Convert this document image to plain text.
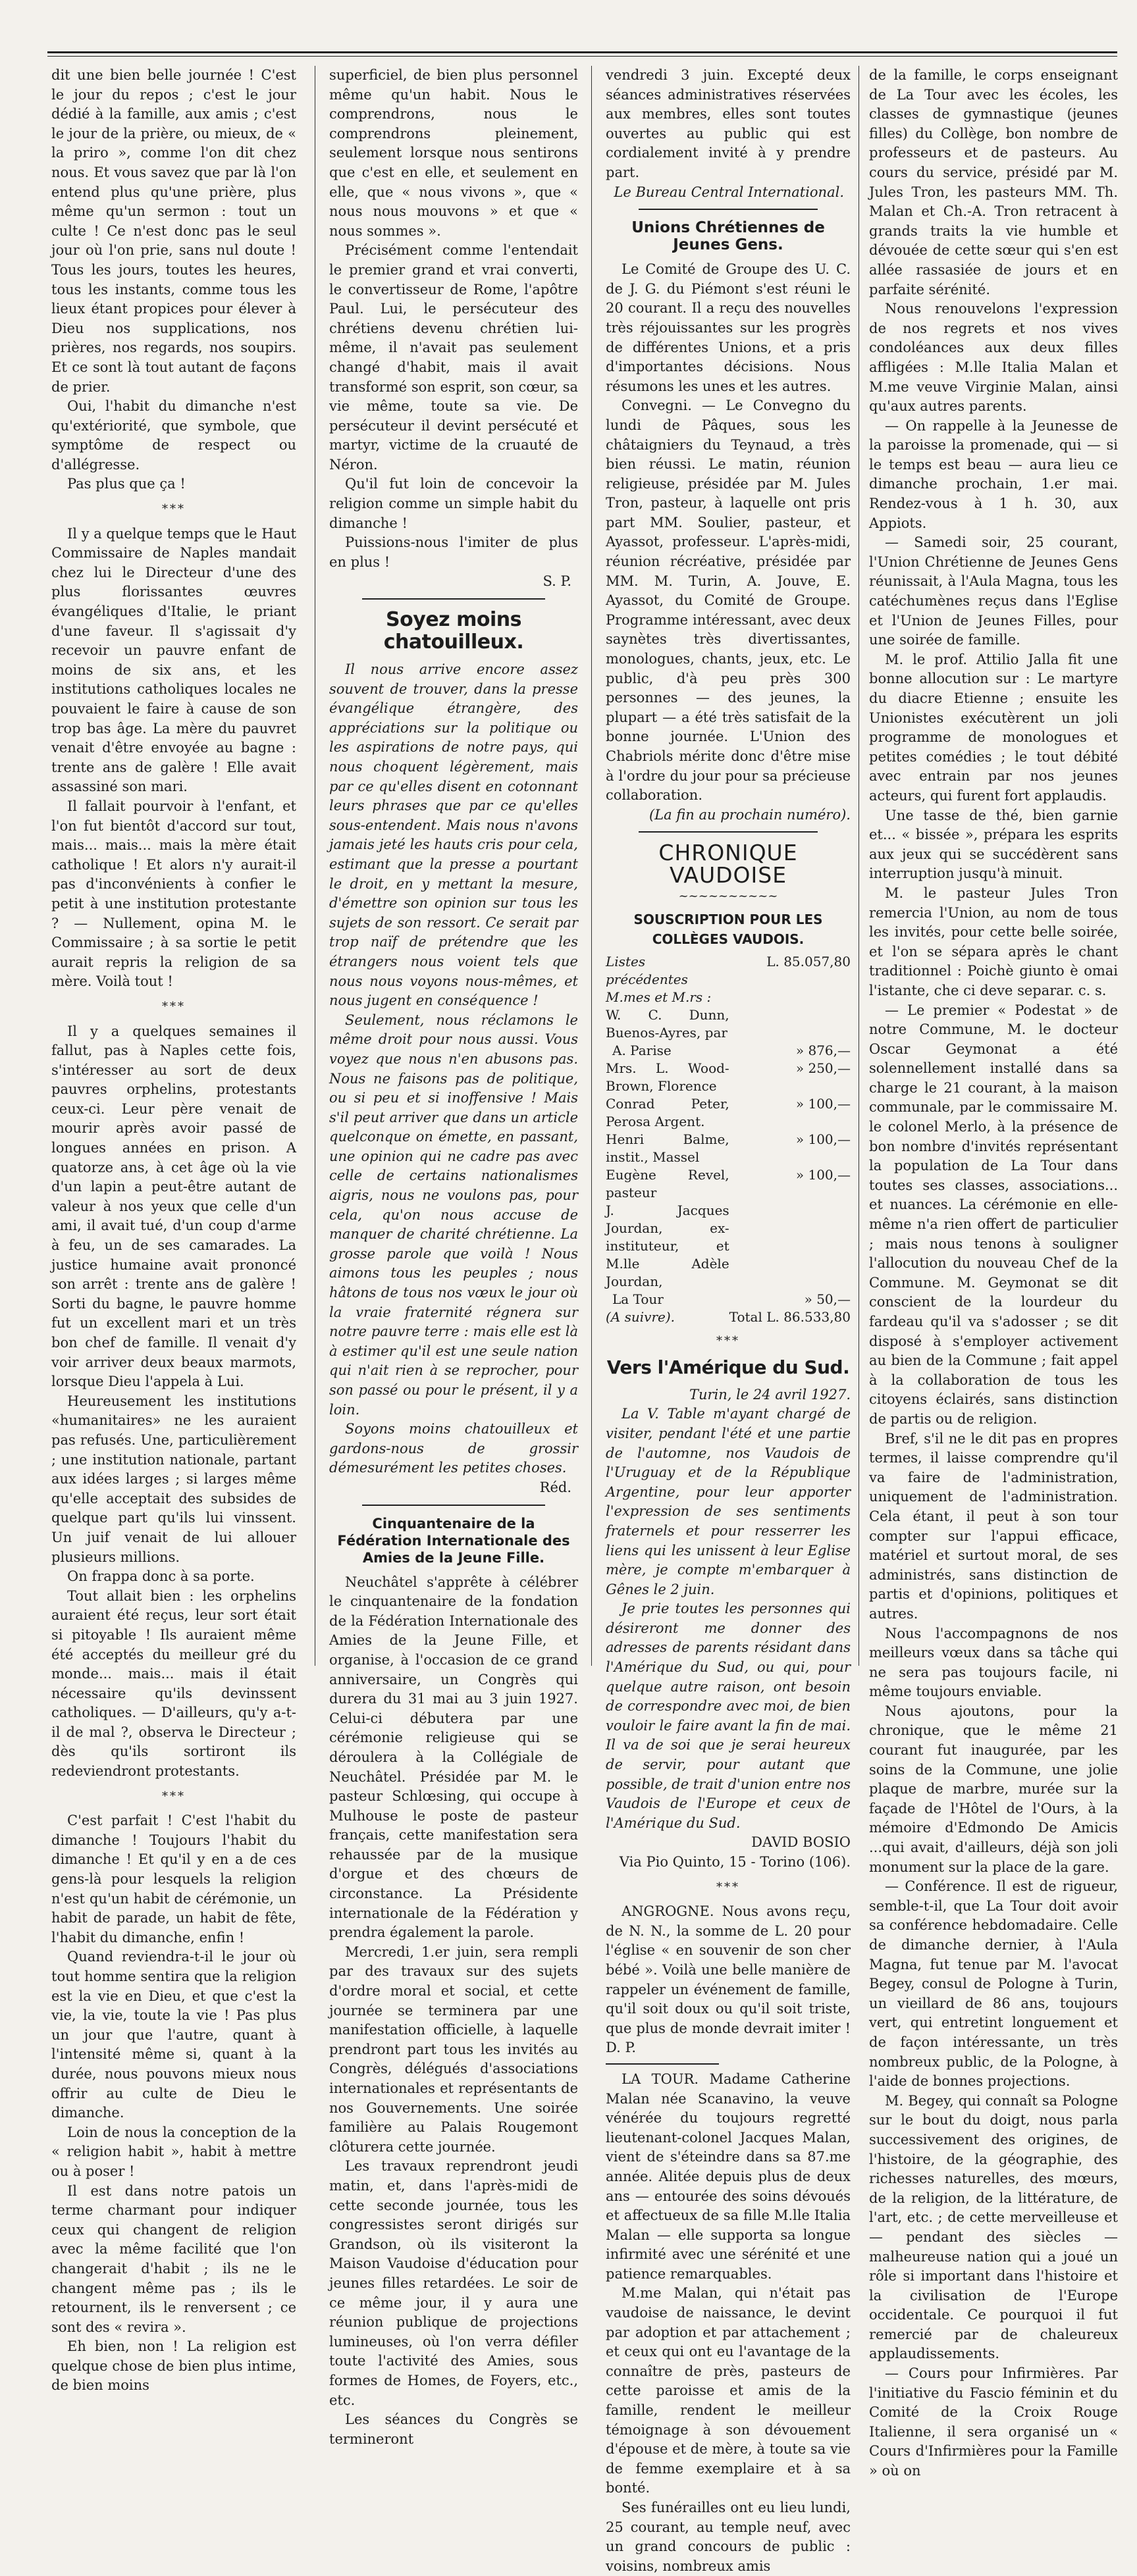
dit une bien belle journée ! C'est le jour du repos ; c'est le jour dédié à la famille, aux amis ; c'est le jour de la prière, ou mieux, de « la priro », comme l'on dit chez nous. Et vous savez que par là l'on entend plus qu'une prière, plus même qu'un sermon : tout un culte ! Ce n'est donc pas le seul jour où l'on prie, sans nul doute ! Tous les jours, toutes les heures, tous les instants, comme tous les lieux étant propices pour élever à Dieu nos supplications, nos prières, nos regards, nos soupirs. Et ce sont là tout autant de façons de prier.

Oui, l'habit du dimanche n'est qu'extériorité, que symbole, que symptôme de respect ou d'allégresse.

Pas plus que ça !

***

Il y a quelque temps que le Haut Commissaire de Naples mandait chez lui le Directeur d'une des plus florissantes œuvres évangéliques d'Italie, le priant d'une faveur. Il s'agissait d'y recevoir un pauvre enfant de moins de six ans, et les institutions catholiques locales ne pouvaient le faire à cause de son trop bas âge. La mère du pauvret venait d'être envoyée au bagne : trente ans de galère ! Elle avait assassiné son mari.

Il fallait pourvoir à l'enfant, et l'on fut bientôt d'accord sur tout, mais... mais... mais la mère était catholique ! Et alors n'y aurait-il pas d'inconvénients à confier le petit à une institution protestante ? — Nullement, opina M. le Commissaire ; à sa sortie le petit aurait repris la religion de sa mère. Voilà tout !

***

Il y a quelques semaines il fallut, pas à Naples cette fois, s'intéresser au sort de deux pauvres orphelins, protestants ceux-ci. Leur père venait de mourir après avoir passé de longues années en prison. A quatorze ans, à cet âge où la vie d'un lapin a peut-être autant de valeur à nos yeux que celle d'un ami, il avait tué, d'un coup d'arme à feu, un de ses camarades. La justice humaine avait prononcé son arrêt : trente ans de galère ! Sorti du bagne, le pauvre homme fut un excellent mari et un très bon chef de famille. Il venait d'y voir arriver deux beaux marmots, lorsque Dieu l'appela à Lui.

Heureusement les institutions «humanitaires» ne les auraient pas refusés. Une, particulièrement ; une institution nationale, partant aux idées larges ; si larges même qu'elle acceptait des subsides de quelque part qu'ils lui vinssent. Un juif venait de lui allouer plusieurs millions.

On frappa donc à sa porte.

Tout allait bien : les orphelins auraient été reçus, leur sort était si pitoyable ! Ils auraient même été acceptés du meilleur gré du monde... mais... mais il était nécessaire qu'ils devinssent catholiques. — D'ailleurs, qu'y a-t-il de mal ?, observa le Directeur ; dès qu'ils sortiront ils redeviendront protestants.

***

C'est parfait ! C'est l'habit du dimanche ! Toujours l'habit du dimanche ! Et qu'il y en a de ces gens-là pour lesquels la religion n'est qu'un habit de cérémonie, un habit de parade, un habit de fête, l'habit du dimanche, enfin !

Quand reviendra-t-il le jour où tout homme sentira que la religion est la vie en Dieu, et que c'est la vie, la vie, toute la vie ! Pas plus un jour que l'autre, quant à l'intensité même si, quant à la durée, nous pouvons mieux nous offrir au culte de Dieu le dimanche.

Loin de nous la conception de la « religion habit », habit à mettre ou à poser !

Il est dans notre patois un terme charmant pour indiquer ceux qui changent de religion avec la même facilité que l'on changerait d'habit ; ils ne le changent même pas ; ils le retournent, ils le renversent ; ce sont des « revira ».

Eh bien, non ! La religion est quelque chose de bien plus intime, de bien moins

superficiel, de bien plus personnel même qu'un habit. Nous le comprendrons, nous le comprendrons pleinement, seulement lorsque nous sentirons que c'est en elle, et seulement en elle, que « nous vivons », que « nous nous mouvons » et que « nous sommes ».

Précisément comme l'entendait le premier grand et vrai converti, le convertisseur de Rome, l'apôtre Paul. Lui, le persécuteur des chrétiens devenu chrétien lui-même, il n'avait pas seulement changé d'habit, mais il avait transformé son esprit, son cœur, sa vie même, toute sa vie. De persécuteur il devint persécuté et martyr, victime de la cruauté de Néron.

Qu'il fut loin de concevoir la religion comme un simple habit du dimanche !

Puissions-nous l'imiter de plus en plus !

S. P.
Soyez moins chatouilleux.

Il nous arrive encore assez souvent de trouver, dans la presse évangélique étrangère, des appréciations sur la politique ou les aspirations de notre pays, qui nous choquent légèrement, mais par ce qu'elles disent en cotonnant leurs phrases que par ce qu'elles sous-entendent. Mais nous n'avons jamais jeté les hauts cris pour cela, estimant que la presse a pourtant le droit, en y mettant la mesure, d'émettre son opinion sur tous les sujets de son ressort. Ce serait par trop naïf de prétendre que les étrangers nous voient tels que nous nous voyons nous-mêmes, et nous jugent en conséquence !

Seulement, nous réclamons le même droit pour nous aussi. Vous voyez que nous n'en abusons pas. Nous ne faisons pas de politique, ou si peu et si inoffensive ! Mais s'il peut arriver que dans un article quelconque on émette, en passant, une opinion qui ne cadre pas avec celle de certains nationalismes aigris, nous ne voulons pas, pour cela, qu'on nous accuse de manquer de charité chrétienne. La grosse parole que voilà ! Nous aimons tous les peuples ; nous hâtons de tous nos vœux le jour où la vraie fraternité régnera sur notre pauvre terre : mais elle est là à estimer qu'il est une seule nation qui n'ait rien à se reprocher, pour son passé ou pour le présent, il y a loin.

Soyons moins chatouilleux et gardons-nous de grossir démesurément les petites choses.

Réd.
Cinquantenaire de la Fédération Internationale des Amies de la Jeune Fille.

Neuchâtel s'apprête à célébrer le cinquantenaire de la fondation de la Fédération Internationale des Amies de la Jeune Fille, et organise, à l'occasion de ce grand anniversaire, un Congrès qui durera du 31 mai au 3 juin 1927. Celui-ci débutera par une cérémonie religieuse qui se déroulera à la Collégiale de Neuchâtel. Présidée par M. le pasteur Schlœsing, qui occupe à Mulhouse le poste de pasteur français, cette manifestation sera rehaussée par de la musique d'orgue et des chœurs de circonstance. La Présidente internationale de la Fédération y prendra également la parole.

Mercredi, 1.er juin, sera rempli par des travaux sur des sujets d'ordre moral et social, et cette journée se terminera par une manifestation officielle, à laquelle prendront part tous les invités au Congrès, délégués d'associations internationales et représentants de nos Gouvernements. Une soirée familière au Palais Rougemont clôturera cette journée.

Les travaux reprendront jeudi matin, et, dans l'après-midi de cette seconde journée, tous les congressistes seront dirigés sur Grandson, où ils visiteront la Maison Vaudoise d'éducation pour jeunes filles retardées. Le soir de ce même jour, il y aura une réunion publique de projections lumineuses, où l'on verra défiler toute l'activité des Amies, sous formes de Homes, de Foyers, etc., etc.

Les séances du Congrès se termineront

vendredi 3 juin. Excepté deux séances administratives réservées aux membres, elles sont toutes ouvertes au public qui est cordialement invité à y prendre part.

Le Bureau Central International.
Unions Chrétiennes de Jeunes Gens.

Le Comité de Groupe des U. C. de J. G. du Piémont s'est réuni le 20 courant. Il a reçu des nouvelles très réjouissantes sur les progrès de différentes Unions, et a pris d'importantes décisions. Nous résumons les unes et les autres.

Convegni. — Le Convegno du lundi de Pâques, sous les châtaigniers du Teynaud, a très bien réussi. Le matin, réunion religieuse, présidée par M. Jules Tron, pasteur, à laquelle ont pris part MM. Soulier, pasteur, et Ayassot, professeur. L'après-midi, réunion récréative, présidée par MM. M. Turin, A. Jouve, E. Ayassot, du Comité de Groupe. Programme intéressant, avec deux saynètes très divertissantes, monologues, chants, jeux, etc. Le public, d'à peu près 300 personnes — des jeunes, la plupart — a été très satisfait de la bonne journée. L'Union des Chabriols mérite donc d'être mise à l'ordre du jour pour sa précieuse collaboration.

(La fin au prochain numéro).
CHRONIQUE VAUDOISE
~~~~~~~~~~
SOUSCRIPTION POUR LES COLLÈGES VAUDOIS.
Listes précédentes	L. 85.057,80
M.mes et M.rs :	
W. C. Dunn, Buenos-Ayres, par	
A. Parise	» 876,—
Mrs. L. Wood-Brown, Florence	» 250,—
Conrad Peter, Perosa Argent.	» 100,—
Henri Balme, instit., Massel	» 100,—
Eugène Revel, pasteur	» 100,—
J. Jacques Jourdan, ex-instituteur, et M.lle Adèle Jourdan,	
La Tour	» 50,—
(A suivre).	Total L. 86.533,80
***
Vers l'Amérique du Sud.
Turin, le 24 avril 1927.

La V. Table m'ayant chargé de visiter, pendant l'été et une partie de l'automne, nos Vaudois de l'Uruguay et de la République Argentine, pour leur apporter l'expression de ses sentiments fraternels et pour resserrer les liens qui les unissent à leur Eglise mère, je compte m'embarquer à Gênes le 2 juin.

Je prie toutes les personnes qui désireront me donner des adresses de parents résidant dans l'Amérique du Sud, ou qui, pour quelque autre raison, ont besoin de correspondre avec moi, de bien vouloir le faire avant la fin de mai. Il va de soi que je serai heureux de servir, pour autant que possible, de trait d'union entre nos Vaudois de l'Europe et ceux de l'Amérique du Sud.

DAVID BOSIO
Via Pio Quinto, 15 - Torino (106).
***

ANGROGNE. Nous avons reçu, de N. N., la somme de L. 20 pour l'église « en souvenir de son cher bébé ». Voilà une belle manière de rappeler un événement de famille, qu'il soit doux ou qu'il soit triste, que plus de monde devrait imiter ! D. P.

LA TOUR. Madame Catherine Malan née Scanavino, la veuve vénérée du toujours regretté lieutenant-colonel Jacques Malan, vient de s'éteindre dans sa 87.me année. Alitée depuis plus de deux ans — entourée des soins dévoués et affectueux de sa fille M.lle Italia Malan — elle supporta sa longue infirmité avec une sérénité et une patience remarquables.

M.me Malan, qui n'était pas vaudoise de naissance, le devint par adoption et par attachement ; et ceux qui ont eu l'avantage de la connaître de près, pasteurs de cette paroisse et amis de la famille, rendent le meilleur témoignage à son dévouement d'épouse et de mère, à toute sa vie de femme exemplaire et à sa bonté.

Ses funérailles ont eu lieu lundi, 25 courant, au temple neuf, avec un grand concours de public : voisins, nombreux amis

de la famille, le corps enseignant de La Tour avec les écoles, les classes de gymnastique (jeunes filles) du Collège, bon nombre de professeurs et de pasteurs. Au cours du service, présidé par M. Jules Tron, les pasteurs MM. Th. Malan et Ch.-A. Tron retracent à grands traits la vie humble et dévouée de cette sœur qui s'en est allée rassasiée de jours et en parfaite sérénité.

Nous renouvelons l'expression de nos regrets et nos vives condoléances aux deux filles affligées : M.lle Italia Malan et M.me veuve Virginie Malan, ainsi qu'aux autres parents.

— On rappelle à la Jeunesse de la paroisse la promenade, qui — si le temps est beau — aura lieu ce dimanche prochain, 1.er mai. Rendez-vous à 1 h. 30, aux Appiots.

— Samedi soir, 25 courant, l'Union Chrétienne de Jeunes Gens réunissait, à l'Aula Magna, tous les catéchumènes reçus dans l'Eglise et l'Union de Jeunes Filles, pour une soirée de famille.

M. le prof. Attilio Jalla fit une bonne allocution sur : Le martyre du diacre Etienne ; ensuite les Unionistes exécutèrent un joli programme de monologues et petites comédies ; le tout débité avec entrain par nos jeunes acteurs, qui furent fort applaudis.

Une tasse de thé, bien garnie et... « bissée », prépara les esprits aux jeux qui se succédèrent sans interruption jusqu'à minuit.

M. le pasteur Jules Tron remercia l'Union, au nom de tous les invités, pour cette belle soirée, et l'on se sépara après le chant traditionnel : Poichè giunto è omai l'istante, che ci deve separar. c. s.

— Le premier « Podestat » de notre Commune, M. le docteur Oscar Geymonat a été solennellement installé dans sa charge le 21 courant, à la maison communale, par le commissaire M. le colonel Merlo, à la présence de bon nombre d'invités représentant la population de La Tour dans toutes ses classes, associations... et nuances. La cérémonie en elle-même n'a rien offert de particulier ; mais nous tenons à souligner l'allocution du nouveau Chef de la Commune. M. Geymonat se dit conscient de la lourdeur du fardeau qu'il va s'adosser ; se dit disposé à s'employer activement au bien de la Commune ; fait appel à la collaboration de tous les citoyens éclairés, sans distinction de partis ou de religion.

Bref, s'il ne le dit pas en propres termes, il laisse comprendre qu'il va faire de l'administration, uniquement de l'administration. Cela étant, il peut à son tour compter sur l'appui efficace, matériel et surtout moral, de ses administrés, sans distinction de partis et d'opinions, politiques et autres.

Nous l'accompagnons de nos meilleurs vœux dans sa tâche qui ne sera pas toujours facile, ni même toujours enviable.

Nous ajoutons, pour la chronique, que le même 21 courant fut inaugurée, par les soins de la Commune, une jolie plaque de marbre, murée sur la façade de l'Hôtel de l'Ours, à la mémoire d'Edmondo De Amicis ...qui avait, d'ailleurs, déjà son joli monument sur la place de la gare.

— Conférence. Il est de rigueur, semble-t-il, que La Tour doit avoir sa conférence hebdomadaire. Celle de dimanche dernier, à l'Aula Magna, fut tenue par M. l'avocat Begey, consul de Pologne à Turin, un vieillard de 86 ans, toujours vert, qui entretint longuement et de façon intéressante, un très nombreux public, de la Pologne, à l'aide de bonnes projections.

M. Begey, qui connaît sa Pologne sur le bout du doigt, nous parla successivement des origines, de l'histoire, de la géographie, des richesses naturelles, des mœurs, de la religion, de la littérature, de l'art, etc. ; de cette merveilleuse et — pendant des siècles — malheureuse nation qui a joué un rôle si important dans l'histoire et la civilisation de l'Europe occidentale. Ce pourquoi il fut remercié par de chaleureux applaudissements.

— Cours pour Infirmières. Par l'initiative du Fascio féminin et du Comité de la Croix Rouge Italienne, il sera organisé un « Cours d'Infirmières pour la Famille » où on
